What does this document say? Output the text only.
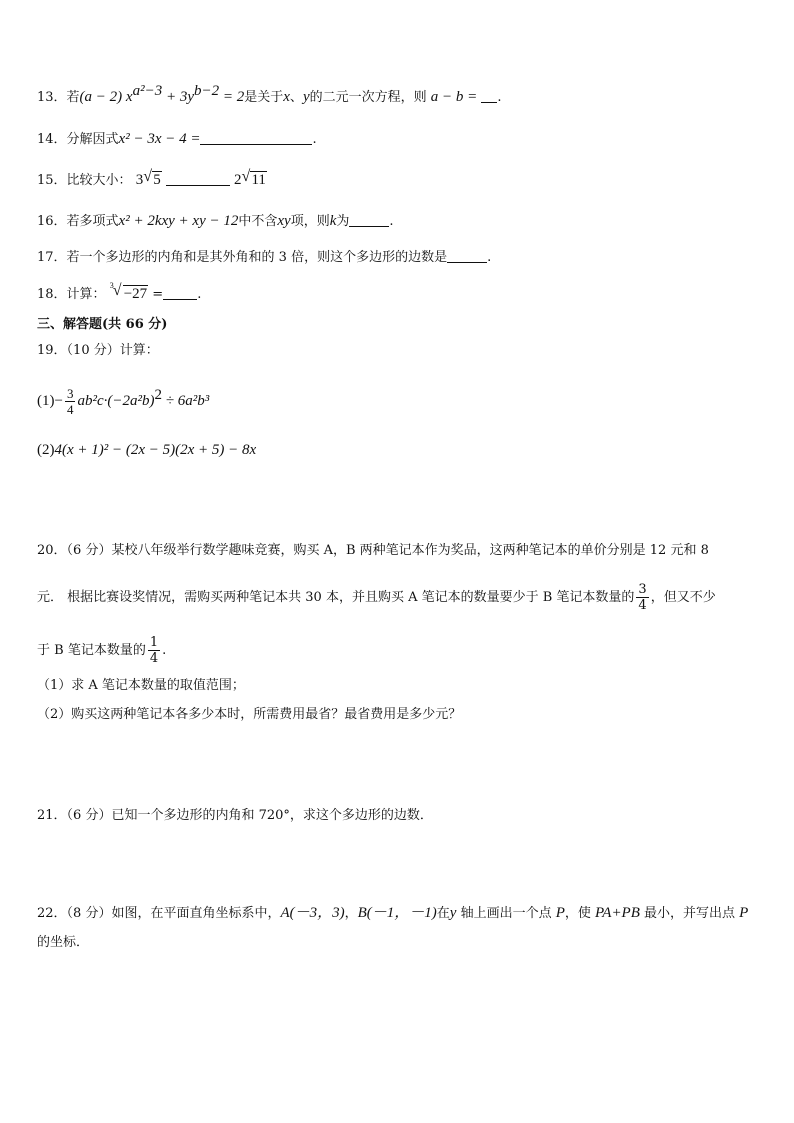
13．若(a − 2) $x^{a^2-3} + 3y^{b-2} = 2$是关于x、y的二元一次方程，则 a − b = .
14．分解因式x² − 3x − 4 =	.
15．比较大小： 3 √ 5	2 √ 11
16．若多项式x² + 2kxy + xy − 12中不含xy项，则k为	.
17．若一个多边形的内角和是其外角和的 3 倍，则这个多边形的边数是	.
18．计算：
3 √ −27 =	.
三、解答题(共 66 分)
19．（10 分）计算：
$(1)- \frac{3}{4} ab^2c\cdot(-2a^2b)^2 \div 6a^2b^3$
(2)4(x + 1)² − (2x − 5)(2x + 5) − 8x
20．（6 分）某校八年级举行数学趣味竞赛，购买 A，B 两种笔记本作为奖品，这两种笔记本的单价分别是 12 元和 8
元． 根据比赛设奖情况，需购买两种笔记本共 30 本，并且购买 A 笔记本的数量要少于 B 笔记本数量的 $\frac{3}{4}$ ，但又不少
于 B 笔记本数量的 $\frac{1}{4}$ .
（1）求 A 笔记本数量的取值范围；
（2）购买这两种笔记本各多少本时，所需费用最省？最省费用是多少元？
21．（6 分）已知一个多边形的内角和 720°，求这个多边形的边数．
22．（8 分）如图，在平面直角坐标系中，A(－3，3)，B(－1，－1)在y 轴上画出一个点 P，使 PA+PB 最小，并写出点 P
的坐标．
